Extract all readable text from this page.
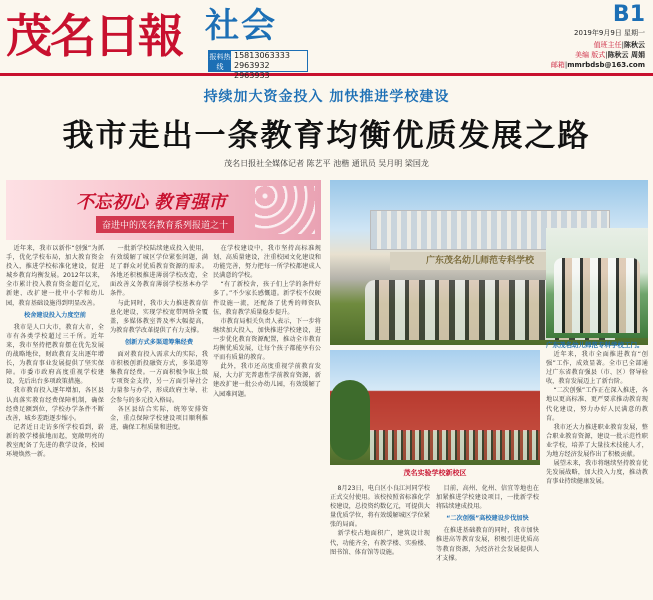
茂名日報 社会
报料热线
15813063333
2963932 2963933
B1
2019年9月9日 星期一
值班主任|陈秋云
美编 版式|陈秋云 周娟
邮箱|mmrbdsb@163.com
持续加大资金投入 加快推进学校建设
我市走出一条教育均衡优质发展之路
茂名日报社全媒体记者 陈艺平 池楷 通讯员 吴月明 梁国龙
不忘初心 教育强市
奋进中的茂名教育系列报道之十
近年来，我市以新作“创强”为抓手，优化学校布局，加大教育资金投入，推进学校标准化建设，促进城乡教育均衡发展。2012年以来，全市累计投入教育资金超百亿元，新建、改扩建一批中小学和幼儿园，教育基础设施得到明显改善。
校舍建设投入力度空前
我市是人口大市，教育大市，全市有各类学校超过三千所。近年来，我市坚持把教育摆在优先发展的战略地位，财政教育支出逐年增长，为教育事业发展提供了坚实保障。市委市政府高度重视学校建设，先后出台多项政策措施。
我市教育投入逐年增加，各区县认真落实教育经费保障机制，确保经费足额到位，学校办学条件不断改善，城乡差距逐步缩小。
记者近日走访多所学校看到，崭新的教学楼拔地而起，宽敞明亮的教室配备了先进的教学设备，校园环境焕然一新。
一批新学校陆续建成投入使用，有效缓解了城区学位紧张问题，满足了群众对优质教育资源的需求。各地还积极推进薄弱学校改造，全面改善义务教育薄弱学校基本办学条件。
与此同时，我市大力推进教育信息化建设，实现学校宽带网络全覆盖，多媒体教室普及率大幅提高，为教育教学改革提供了有力支撑。
创新方式多渠道筹集经费
面对教育投入需求大的实际，我市积极创新投融资方式，多渠道筹集教育经费。一方面积极争取上级专项资金支持，另一方面引导社会力量参与办学，形成政府主导、社会参与的多元投入格局。
各区县结合实际，统筹安排资金，重点保障学校建设项目顺利推进，确保工程质量和进度。
在学校建设中，我市坚持高标准规划、高质量建设，注重校园文化建设和功能完善，努力把每一所学校都建成人民满意的学校。
“有了新校舍，孩子们上学的条件好多了。”不少家长感慨道。新学校不仅硬件设施一流，还配备了优秀的师资队伍，教育教学质量稳步提升。
市教育局相关负责人表示，下一步将继续加大投入，加快推进学校建设，进一步优化教育资源配置，推动全市教育均衡优质发展，让每个孩子都能享有公平而有质量的教育。
此外，我市还高度重视学前教育发展，大力扩充普惠性学前教育资源，新建改扩建一批公办幼儿园，有效缓解了入园难问题。
8月23日，电白区小良江河同学校正式交付使用。该校按照省标准化学校建设，总投资约数亿元，可提供大量优质学位，将有效缓解城区学位紧张的局面。
新学校占地面积广，建筑设计现代，功能齐全，有教学楼、实验楼、图书馆、体育馆等设施。
目前，高州、化州、信宜等地也在加紧推进学校建设项目，一批新学校将陆续建成投用。
“二次创强”高校建设步伐加快
在推进基础教育的同时，我市加快推进高等教育发展，积极引进优质高等教育资源，为经济社会发展提供人才支撑。
近年来，我市全面推进教育“创强”工作，成效显著。全市已全部通过广东省教育强县（市、区）督导验收，教育发展迈上了新台阶。
“二次创强”工作正在深入推进，各地以更高标准、更严要求推动教育现代化建设，努力办好人民满意的教育。
我市还大力推进职业教育发展，整合职业教育资源，建设一批示范性职业学校，培养了大量技术技能人才，为地方经济发展作出了积极贡献。
展望未来，我市将继续坚持教育优先发展战略，加大投入力度，推动教育事业持续健康发展。
广东茂名幼儿师范专科学校
茂名实验学校新校区
广东茂名幼儿师范专科学校工门。
